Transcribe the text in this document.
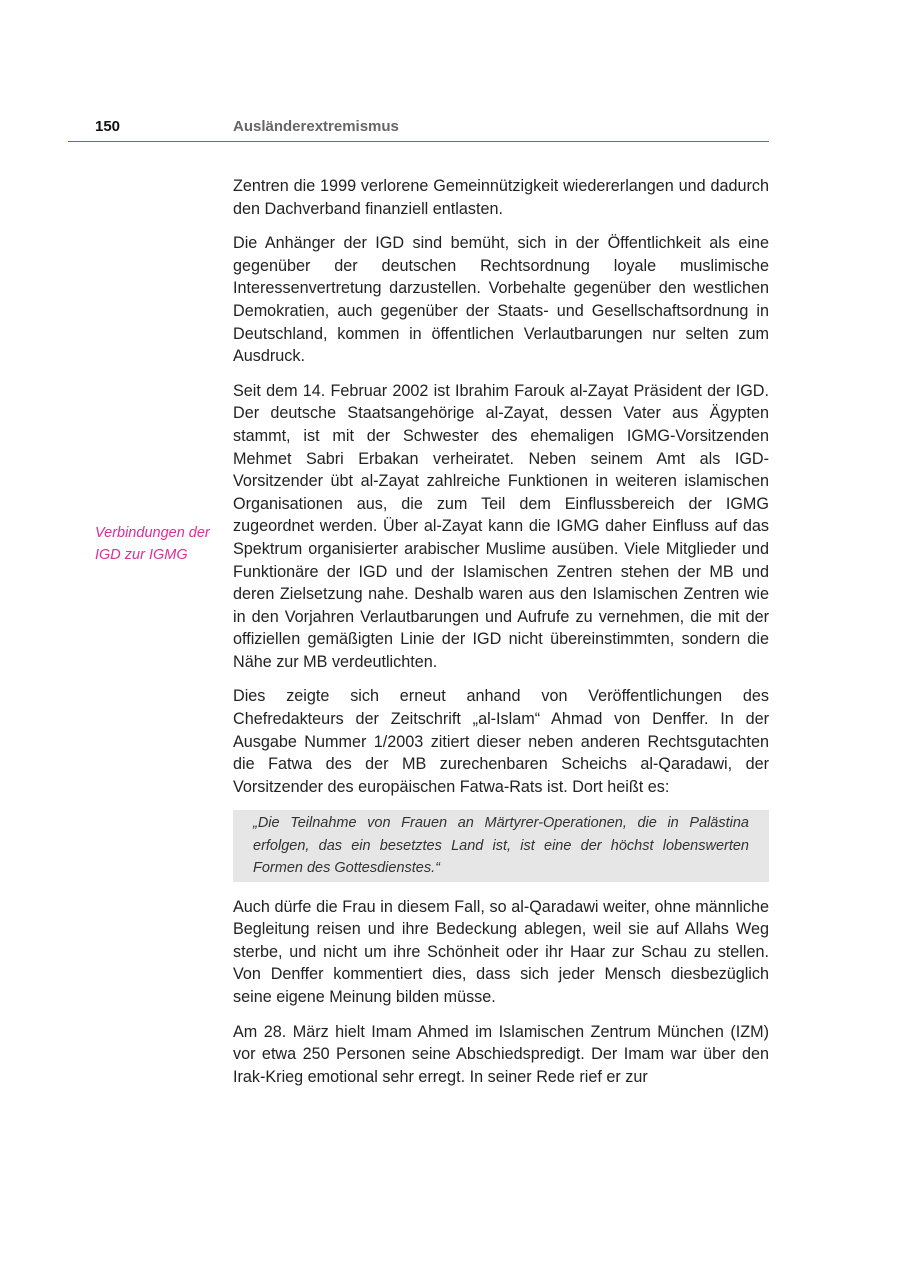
150	Ausländerextremismus
Verbindungen der
IGD zur IGMG

Zentren die 1999 verlorene Gemeinnützigkeit wiedererlangen und dadurch den Dachverband finanziell entlasten.

Die Anhänger der IGD sind bemüht, sich in der Öffentlichkeit als eine gegenüber der deutschen Rechtsordnung loyale muslimische Interessenvertretung darzustellen. Vorbehalte gegenüber den westlichen Demokratien, auch gegenüber der Staats- und Gesellschaftsordnung in Deutschland, kommen in öffentlichen Verlautbarungen nur selten zum Ausdruck.

Seit dem 14. Februar 2002 ist Ibrahim Farouk al-Zayat Präsident der IGD. Der deutsche Staatsangehörige al-Zayat, dessen Vater aus Ägypten stammt, ist mit der Schwester des ehemaligen IGMG-Vorsitzenden Mehmet Sabri Erbakan verheiratet. Neben seinem Amt als IGD-Vorsitzender übt al-Zayat zahlreiche Funktionen in weiteren islamischen Organisationen aus, die zum Teil dem Einflussbereich der IGMG zugeordnet werden. Über al-Zayat kann die IGMG daher Einfluss auf das Spektrum organisierter arabischer Muslime ausüben. Viele Mitglieder und Funktionäre der IGD und der Islamischen Zentren stehen der MB und deren Zielsetzung nahe. Deshalb waren aus den Islamischen Zentren wie in den Vorjahren Verlautbarungen und Aufrufe zu vernehmen, die mit der offiziellen gemäßigten Linie der IGD nicht übereinstimmten, sondern die Nähe zur MB verdeutlichten.

Dies zeigte sich erneut anhand von Veröffentlichungen des Chefredakteurs der Zeitschrift „al-Islam“ Ahmad von Denffer. In der Ausgabe Nummer 1/2003 zitiert dieser neben anderen Rechtsgutachten die Fatwa des der MB zurechenbaren Scheichs al-Qaradawi, der Vorsitzender des europäischen Fatwa-Rats ist. Dort heißt es:

„Die Teilnahme von Frauen an Märtyrer-Operationen, die in Palästina erfolgen, das ein besetztes Land ist, ist eine der höchst lobenswerten Formen des Gottesdienstes.“

Auch dürfe die Frau in diesem Fall, so al-Qaradawi weiter, ohne männliche Begleitung reisen und ihre Bedeckung ablegen, weil sie auf Allahs Weg sterbe, und nicht um ihre Schönheit oder ihr Haar zur Schau zu stellen. Von Denffer kommentiert dies, dass sich jeder Mensch diesbezüglich seine eigene Meinung bilden müsse.

Am 28. März hielt Imam Ahmed im Islamischen Zentrum München (IZM) vor etwa 250 Personen seine Abschiedspredigt. Der Imam war über den Irak-Krieg emotional sehr erregt. In seiner Rede rief er zur
